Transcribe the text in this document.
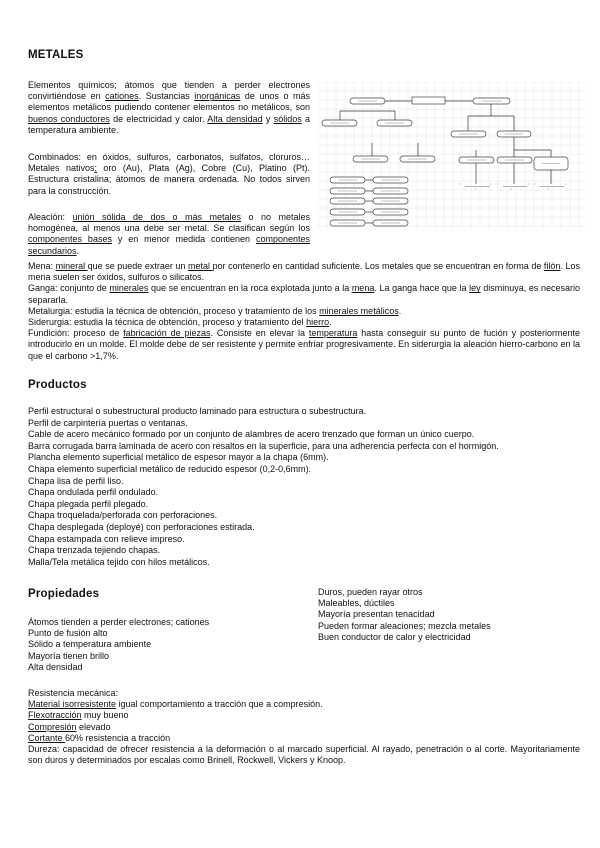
METALES
Elementos químicos; átomos que tienden a perder electrones convirtiéndose en cationes. Sustancias inorgánicas de unos o más elementos metálicos pudiendo contener elementos no metálicos, son buenos conductores de electricidad y calor. Alta densidad y sólidos a temperatura ambiente.
Combinados: en óxidos, sulfuros, carbonatos, sulfatos, cloruros… Metales nativos; oro (Au), Plata (Ag), Cobre (Cu), Platino (Pt). Estructura cristalina; átomos de manera ordenada. No todos sirven para la construcción.
Aleación: unión sólida de dos o más metales o no metales homogénea, al menos una debe ser metal. Se clasifican según los componentes bases y en menor medida contienen componentes secundarios.
Mena: mineral que se puede extraer un metal por contenerlo en cantidad suficiente. Los metales que se encuentran en forma de filón. Los mena suelen ser óxidos, sulfuros o silicatos.
Ganga: conjunto de minerales que se encuentran en la roca explotada junto a la mena. La ganga hace que la ley disminuya, es necesario separarla.
Metalurgia: estudia la técnica de obtención, proceso y tratamiento de los minerales metálicos.
Siderurgia: estudia la técnica de obtención, proceso y tratamiento del hierro.
Fundición: proceso de fabricación de piezas. Consiste en elevar la temperatura hasta conseguir su punto de fución y posteriormente introducirlo en un molde. El molde debe de ser resistente y permite enfriar progresivamente. En siderurgia la aleación hierro-carbono en la que el carbono >1,7%.
Productos
Perfil estructural o subestructural producto laminado para estructura o subestructura.
Perfil de carpintería puertas o ventanas.
Cable de acero mecánico formado por un conjunto de alambres de acero trenzado que forman un único cuerpo.
Barra corrugada barra laminada de acero con resaltos en la superficie, para una adherencia perfecta con el hormigón.
Plancha elemento superficial metálico de espesor mayor a la chapa (6mm).
Chapa elemento superficial metálico de reducido espesor (0,2-0,6mm).
Chapa lisa de perfil liso.
Chapa ondulada perfil ondulado.
Chapa plegada perfil plegado.
Chapa troquelada/perforada con perforaciones.
Chapa desplegada (deployé) con perforaciones estirada.
Chapa estampada con relieve impreso.
Chapa trenzada tejiendo chapas.
Malla/Tela metálica tejido con hilos metálicos.
Propiedades
Átomos tienden a perder electrones; cationes
Punto de fusión alto
Sólido a temperatura ambiente
Mayoría tienen brillo
Alta densidad
Duros, pueden rayar otros
Maleables, dúctiles
Mayoría presentan tenacidad
Pueden formar aleaciones; mezcla metales
Buen conductor de calor y electricidad
Resistencia mecánica:
Material isorresistente igual comportamiento a tracción que a compresión.
Flexotracción muy bueno
Compresión elevado
Cortante 60% resistencia a tracción
Dureza: capacidad de ofrecer resistencia a la deformación o al marcado superficial. Al rayado, penetración o al corte. Mayoritariamente son duros y determinados por escalas como Brinell, Rockwell, Vickers y Knoop.
